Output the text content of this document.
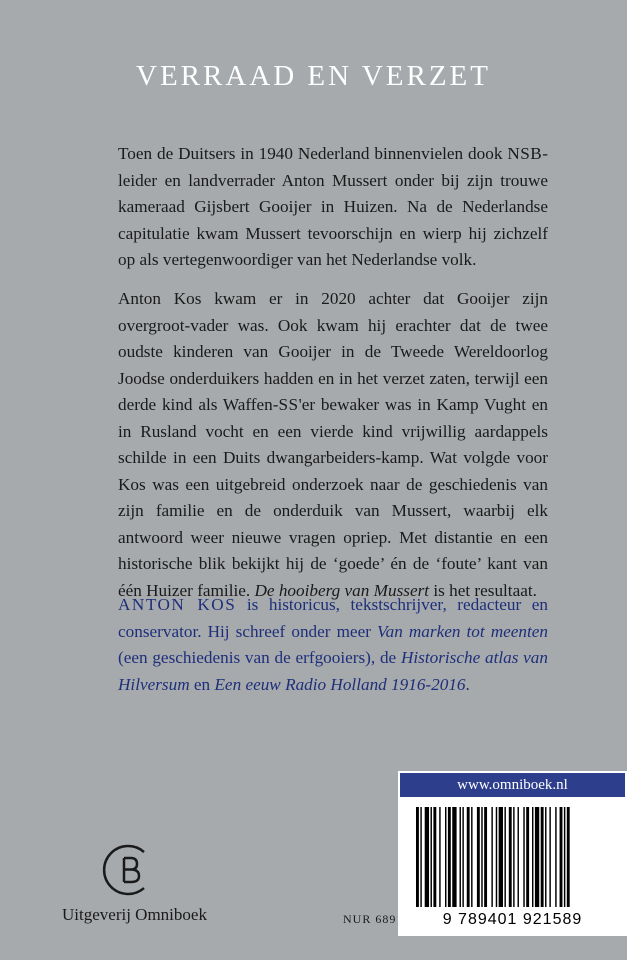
VERRAAD EN VERZET

Toen de Duitsers in 1940 Nederland binnenvielen dook NSB-leider en landverrader Anton Mussert onder bij zijn trouwe kameraad Gijsbert Gooijer in Huizen. Na de Nederlandse capitulatie kwam Mussert tevoorschijn en wierp hij zichzelf op als vertegenwoordiger van het Nederlandse volk.

Anton Kos kwam er in 2020 achter dat Gooijer zijn overgroot-vader was. Ook kwam hij erachter dat de twee oudste kinderen van Gooijer in de Tweede Wereldoorlog Joodse onderduikers hadden en in het verzet zaten, terwijl een derde kind als Waffen-SS'er bewaker was in Kamp Vught en in Rusland vocht en een vierde kind vrijwillig aardappels schilde in een Duits dwangarbeiders-kamp. Wat volgde voor Kos was een uitgebreid onderzoek naar de geschiedenis van zijn familie en de onderduik van Mussert, waarbij elk antwoord weer nieuwe vragen opriep. Met distantie en een historische blik bekijkt hij de ‘goede’ én de ‘foute’ kant van één Huizer familie. De hooiberg van Mussert is het resultaat.

ANTON KOS is historicus, tekstschrijver, redacteur en conservator. Hij schreef onder meer Van marken tot meenten (een geschiedenis van de erfgooiers), de Historische atlas van Hilversum en Een eeuw Radio Holland 1916-2016.

Uitgeverij Omniboek	NUR 689
www.omniboek.nl
9 789401 921589
